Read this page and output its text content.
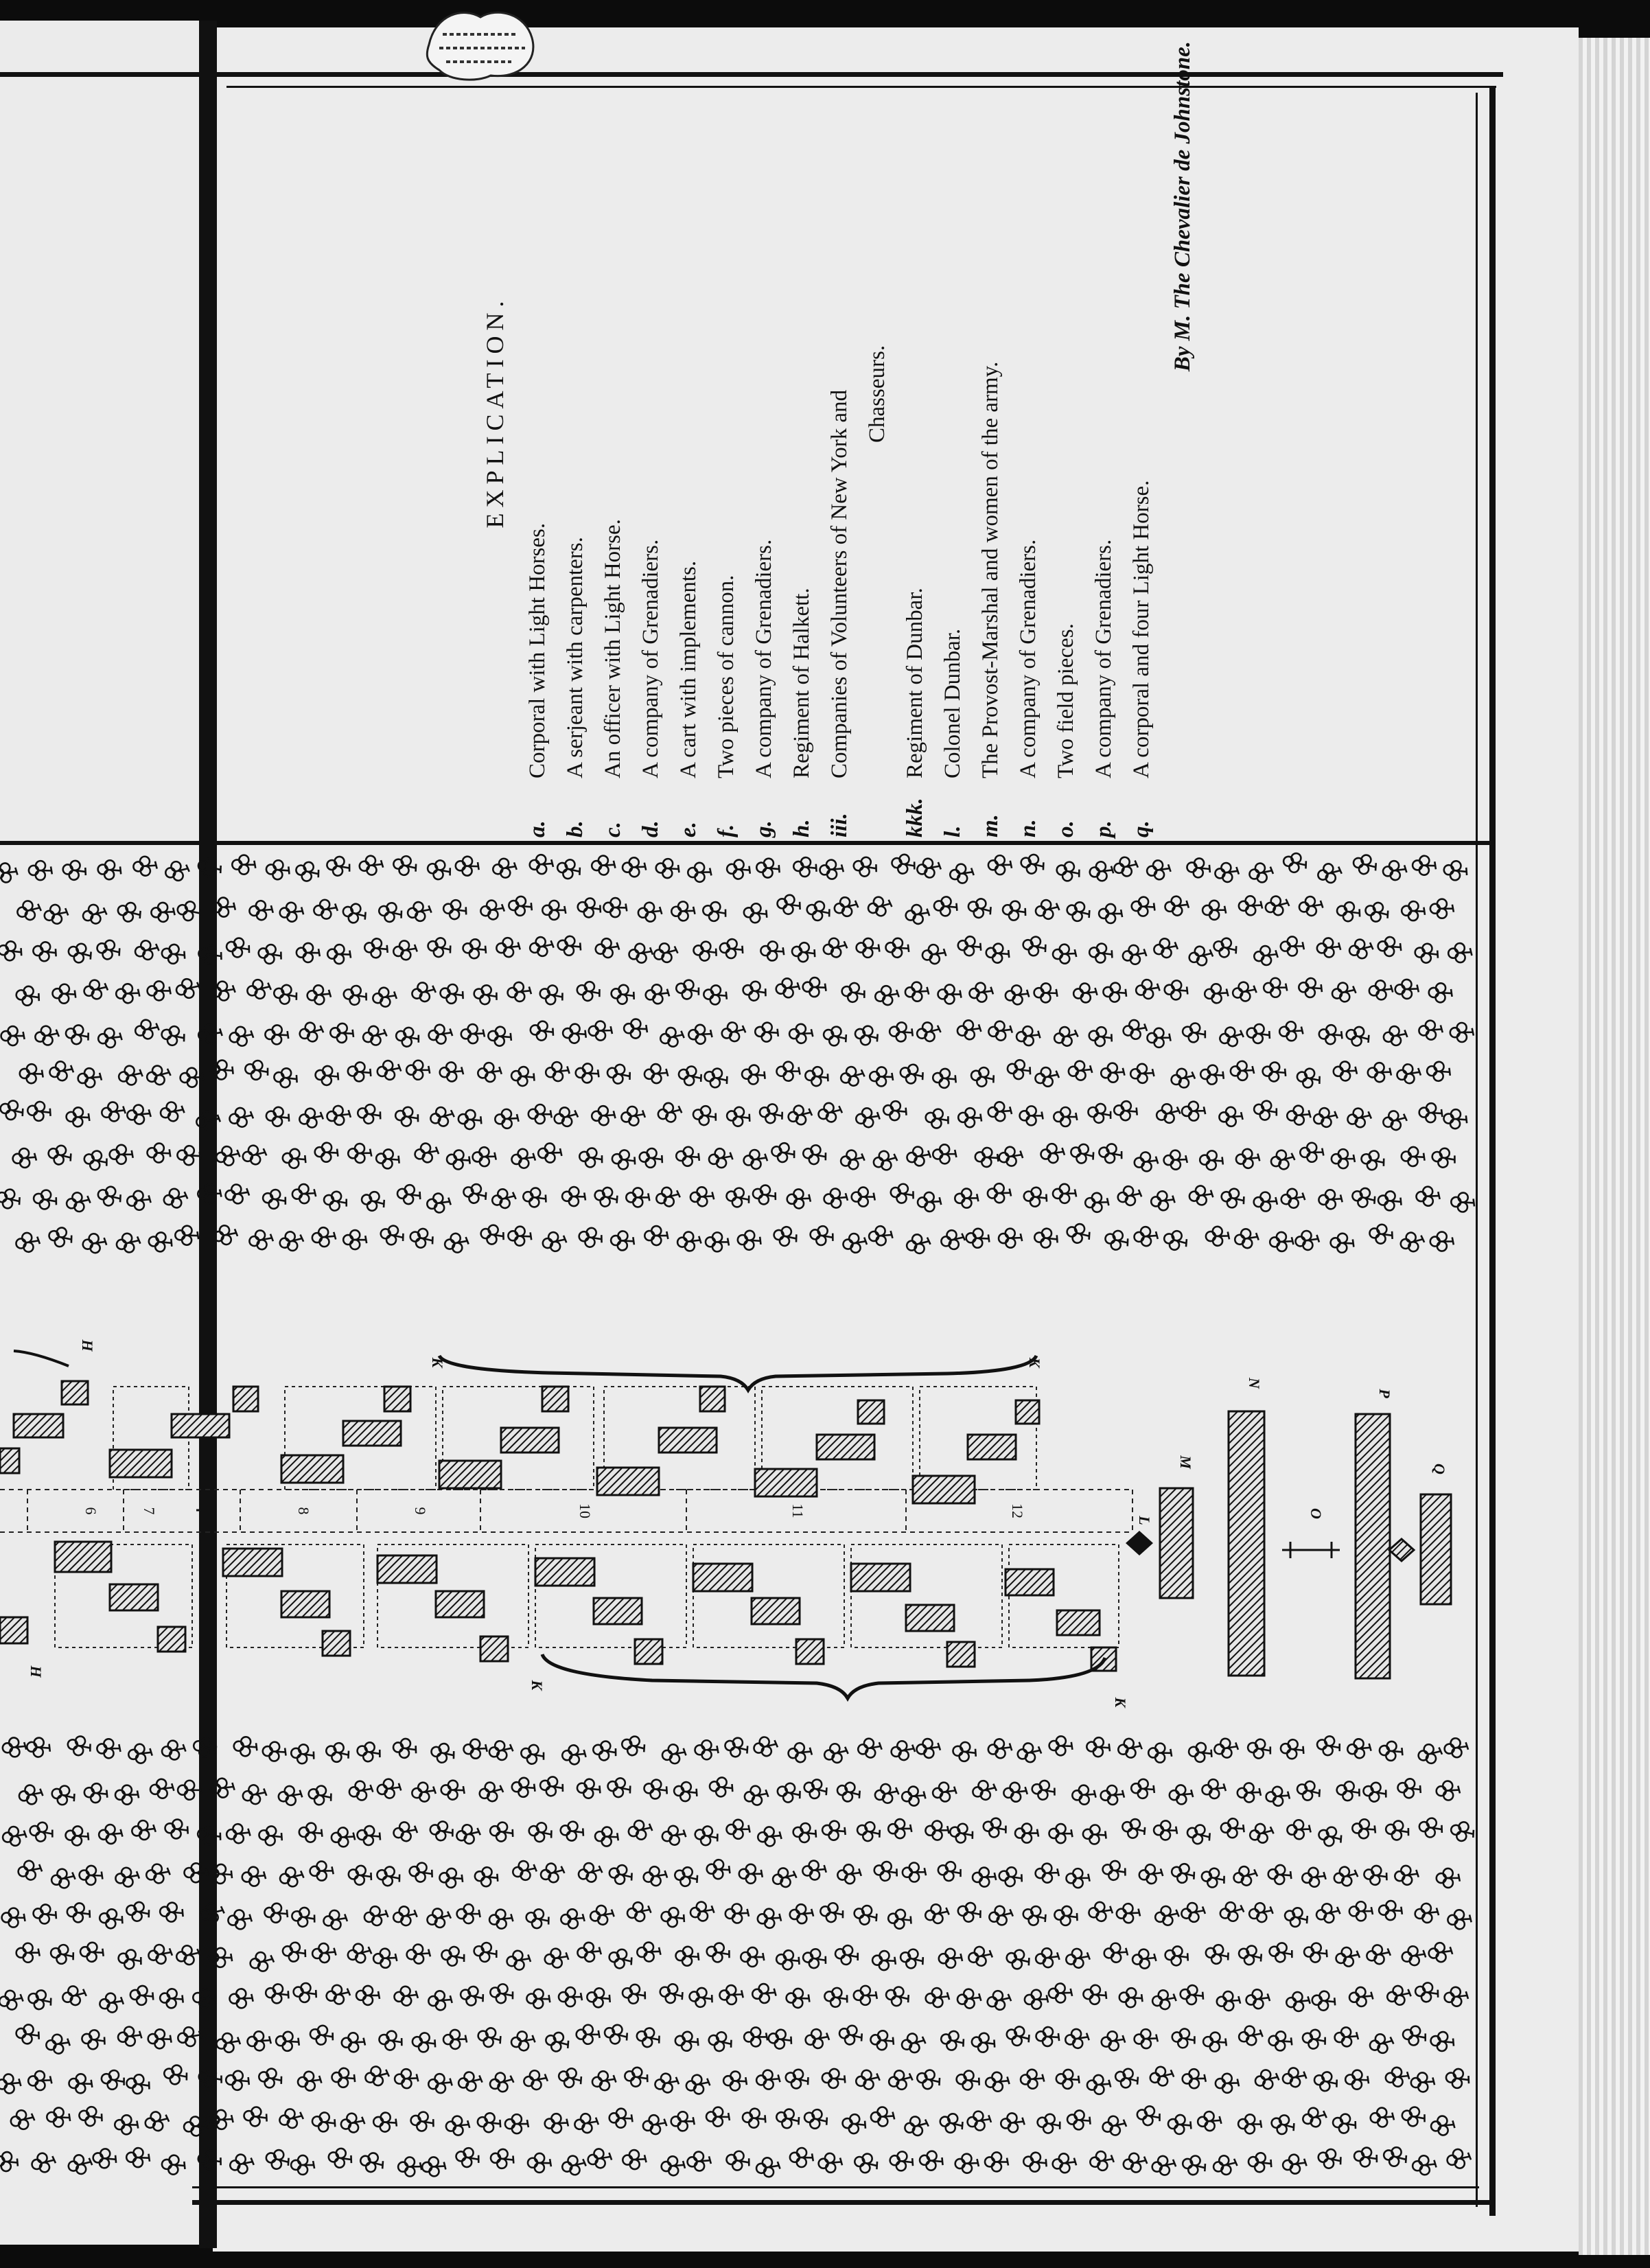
EXPLICATION.

a.Corporal with Light Horses.

b.A serjeant with carpenters.

c.An officer with Light Horse.

d.A company of Grenadiers.

e.A cart with implements.

f.Two pieces of cannon.

g.A company of Grenadiers.

h.Regiment of Halkett.

iii.Companies of Volunteers of New York and Chasseurs.

kkk.Regiment of Dunbar.

l.Colonel Dunbar.

m.The Provost-Marshal and women of the army.

n.A company of Grenadiers.

o.Two field pieces.

p.A company of Grenadiers.

q.A corporal and four Light Horse.

By M. The Chevalier de Johnstone.

6	7	8	9	10	11	12
H
H
K	K
K
K
L
M
N
O
P
Q
